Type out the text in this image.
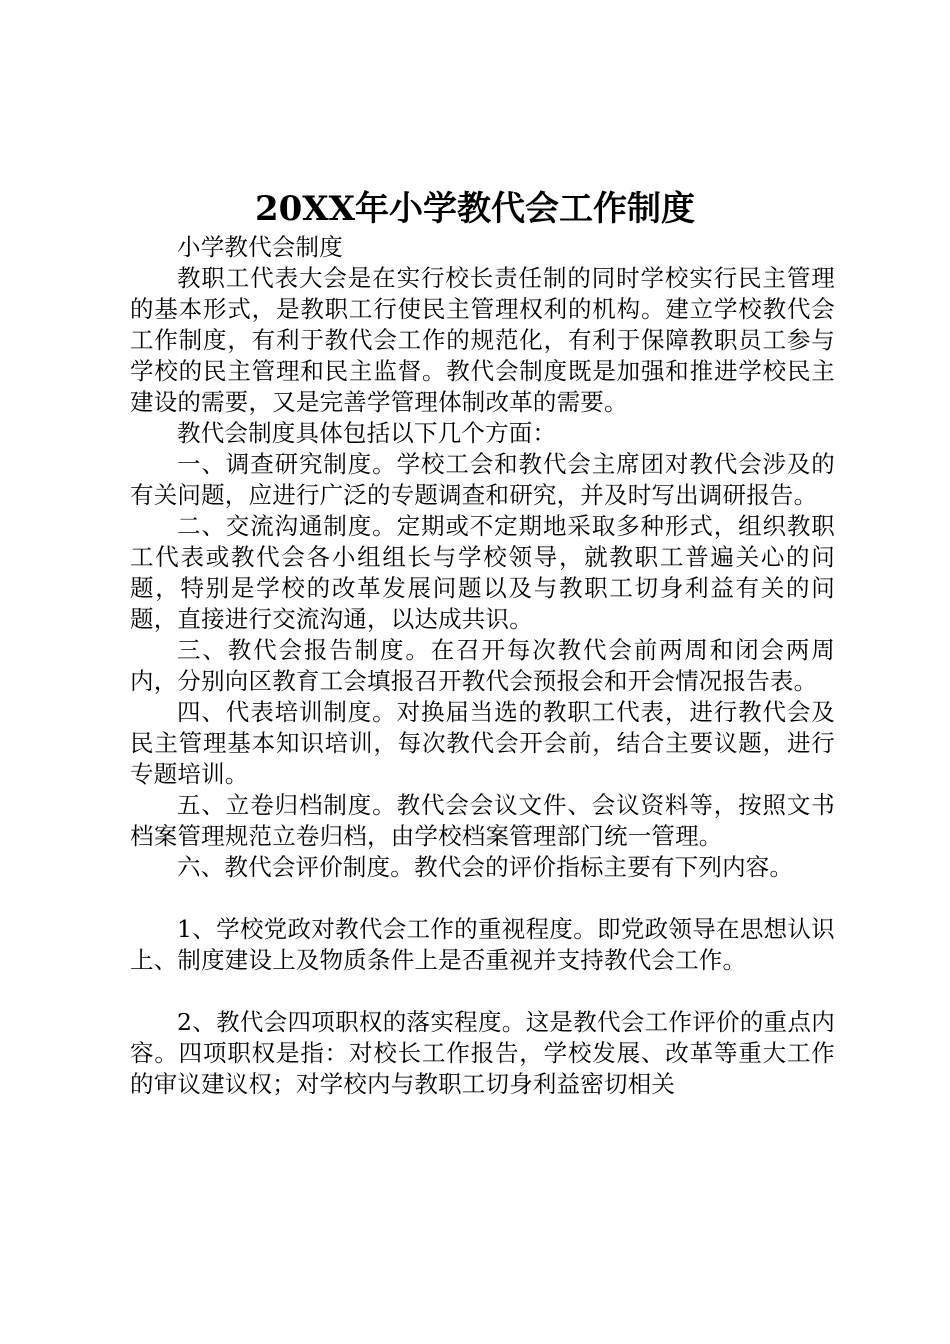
20XX年小学教代会工作制度

小学教代会制度

教职工代表大会是在实行校长责任制的同时学校实行民主管理的基本形式，是教职工行使民主管理权利的机构。建立学校教代会工作制度，有利于教代会工作的规范化，有利于保障教职员工参与学校的民主管理和民主监督。教代会制度既是加强和推进学校民主建设的需要，又是完善学管理体制改革的需要。

教代会制度具体包括以下几个方面：

一、调查研究制度。学校工会和教代会主席团对教代会涉及的有关问题，应进行广泛的专题调查和研究，并及时写出调研报告。

二、交流沟通制度。定期或不定期地采取多种形式，组织教职工代表或教代会各小组组长与学校领导，就教职工普遍关心的问题，特别是学校的改革发展问题以及与教职工切身利益有关的问题，直接进行交流沟通，以达成共识。

三、教代会报告制度。在召开每次教代会前两周和闭会两周内，分别向区教育工会填报召开教代会预报会和开会情况报告表。

四、代表培训制度。对换届当选的教职工代表，进行教代会及民主管理基本知识培训，每次教代会开会前，结合主要议题，进行专题培训。

五、立卷归档制度。教代会会议文件、会议资料等，按照文书档案管理规范立卷归档，由学校档案管理部门统一管理。

六、教代会评价制度。教代会的评价指标主要有下列内容。

1、学校党政对教代会工作的重视程度。即党政领导在思想认识上、制度建设上及物质条件上是否重视并支持教代会工作。

2、教代会四项职权的落实程度。这是教代会工作评价的重点内容。四项职权是指：对校长工作报告，学校发展、改革等重大工作的审议建议权；对学校内与教职工切身利益密切相关
